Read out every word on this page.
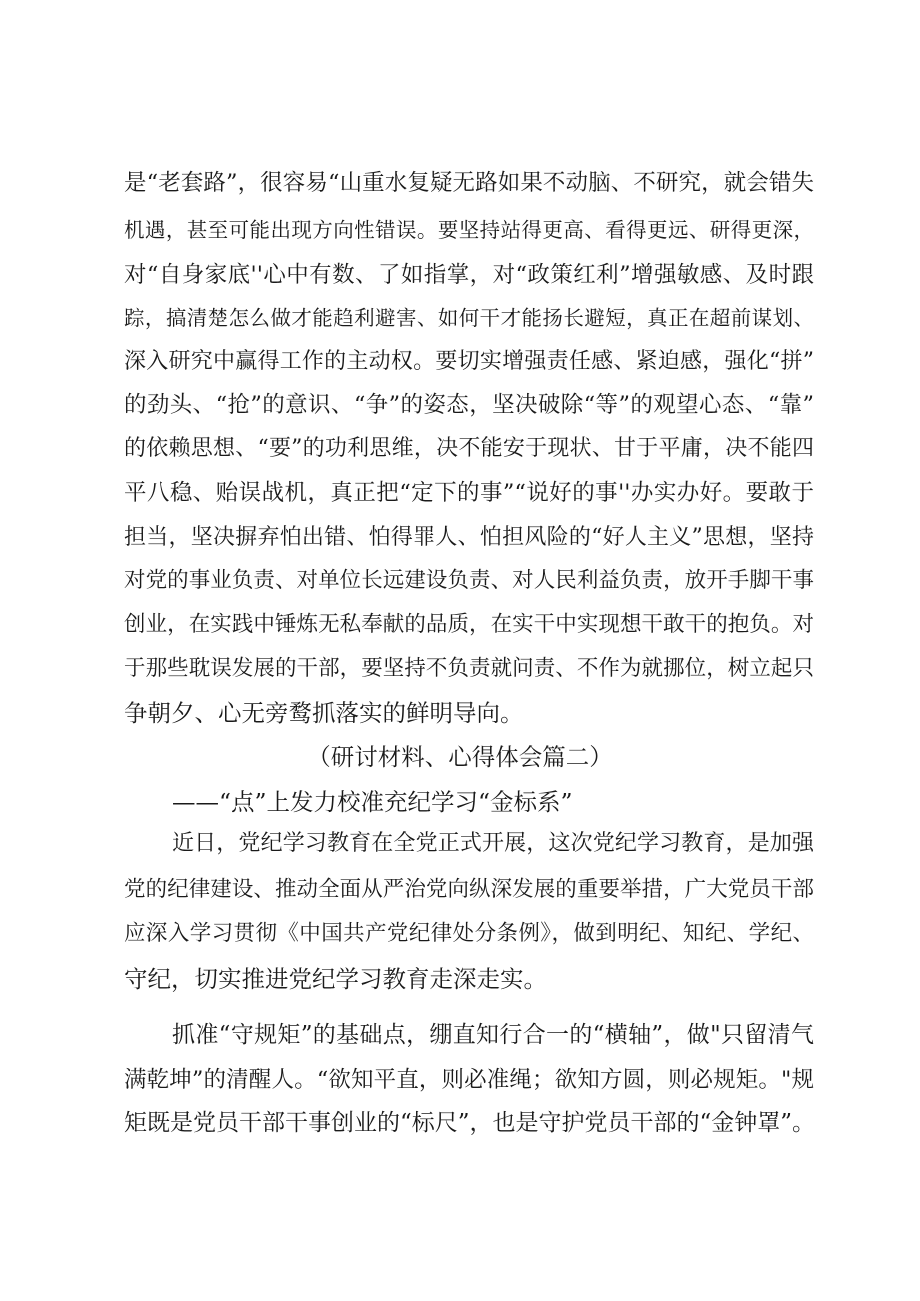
是“老套路”，很容易“山重水复疑无路如果不动脑、不研究，就会错失
机遇，甚至可能出现方向性错误。要坚持站得更高、看得更远、研得更深，
对“自身家底''心中有数、了如指掌，对“政策红利”增强敏感、及时跟
踪，搞清楚怎么做才能趋利避害、如何干才能扬长避短，真正在超前谋划、
深入研究中赢得工作的主动权。要切实增强责任感、紧迫感，强化“拼”
的劲头、“抢”的意识、“争”的姿态，坚决破除“等”的观望心态、“靠”
的依赖思想、“要”的功利思维，决不能安于现状、甘于平庸，决不能四
平八稳、贻误战机，真正把“定下的事”“说好的事''办实办好。要敢于
担当，坚决摒弃怕出错、怕得罪人、怕担风险的“好人主义”思想，坚持
对党的事业负责、对单位长远建设负责、对人民利益负责，放开手脚干事
创业，在实践中锤炼无私奉献的品质，在实干中实现想干敢干的抱负。对
于那些耽误发展的干部，要坚持不负责就问责、不作为就挪位，树立起只
争朝夕、心无旁鹜抓落实的鲜明导向。
（研讨材料、心得体会篇二）
——“点”上发力校准充纪学习“金标系”
近日，党纪学习教育在全党正式开展，这次党纪学习教育，是加强
党的纪律建设、推动全面从严治党向纵深发展的重要举措，广大党员干部
应深入学习贯彻《中国共产党纪律处分条例》，做到明纪、知纪、学纪、
守纪，切实推进党纪学习教育走深走实。
抓准“守规矩”的基础点，绷直知行合一的“横轴”，做"只留清气
满乾坤”的清醒人。“欲知平直，则必准绳；欲知方圆，则必规矩。"规
矩既是党员干部干事创业的“标尺”，也是守护党员干部的“金钟罩”。
